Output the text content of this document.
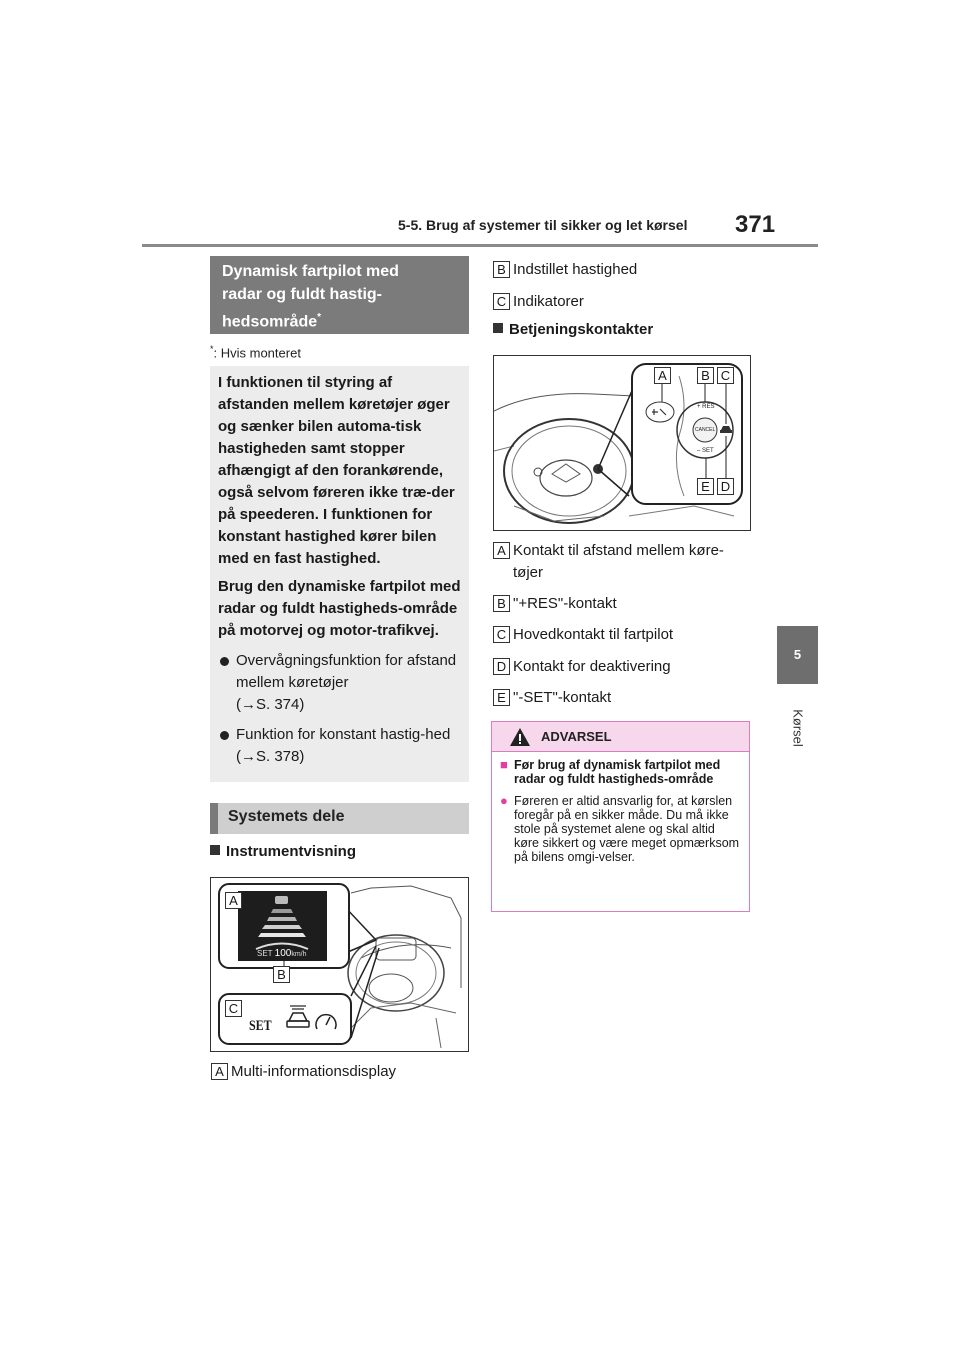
5-5. Brug af systemer til sikker og let kørsel 371
5
Kørsel
Dynamisk fartpilot med
radar og fuldt hastig-
hedsområde*
*: Hvis monteret

I funktionen til styring af afstanden mellem køretøjer øger og sænker bilen automa-tisk hastigheden samt stopper afhængigt af den forankørende, også selvom føreren ikke træ-der på speederen. I funktionen for konstant hastighed kører bilen med en fast hastighed.

Brug den dynamiske fartpilot med radar og fuldt hastigheds-område på motorvej og motor-trafikvej.

Overvågningsfunktion for afstand mellem køretøjer
(→S. 374)
Funktion for konstant hastig-hed (→S. 378)
Systemets dele
Instrumentvisning
SET 100km/h
SET
A
B
C
A Multi-informationsdisplay
B Indstillet hastighed
C Indikatorer
Betjeningskontakter
+ RES
CANCEL
– SET
A	B C
E D
A Kontakt til afstand mellem køre-tøjer
B "+RES"-kontakt
C Hovedkontakt til fartpilot
D Kontakt for deaktivering
E "-SET"-kontakt
ADVARSEL
■ Før brug af dynamisk fartpilot med radar og fuldt hastigheds-område
● Føreren er altid ansvarlig for, at kørslen foregår på en sikker måde. Du må ikke stole på systemet alene og skal altid køre sikkert og være meget opmærksom på bilens omgi-velser.
